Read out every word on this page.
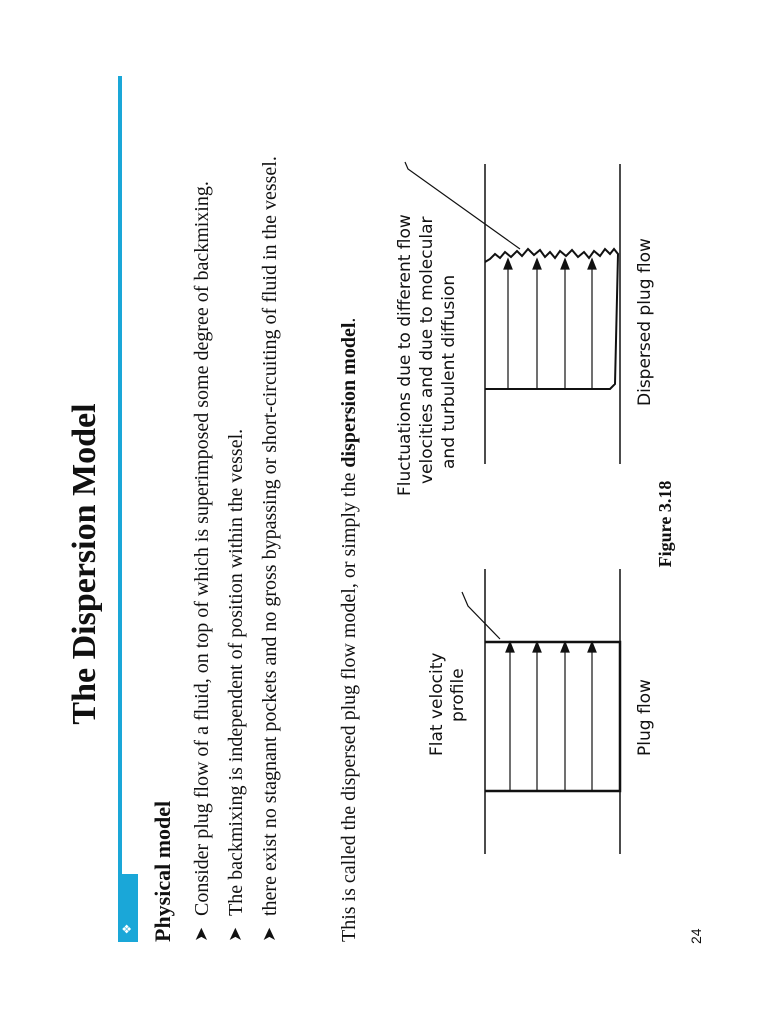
The Dispersion Model
❖ Physical model ➤
Consider plug flow of a fluid, on top of which is superimposed some degree of backmixing.
➤
The backmixing is independent of position within the vessel.
➤
there exist no stagnant pockets and no gross bypassing or short-circuiting of fluid in the vessel.	This is called the dispersed plug flow model, or simply the dispersion model.
Flat velocity profile	Plug flow
Fluctuations due to different flow velocities and due to molecular and turbulent diffusion	Dispersed plug flow
Figure 3.18
24
